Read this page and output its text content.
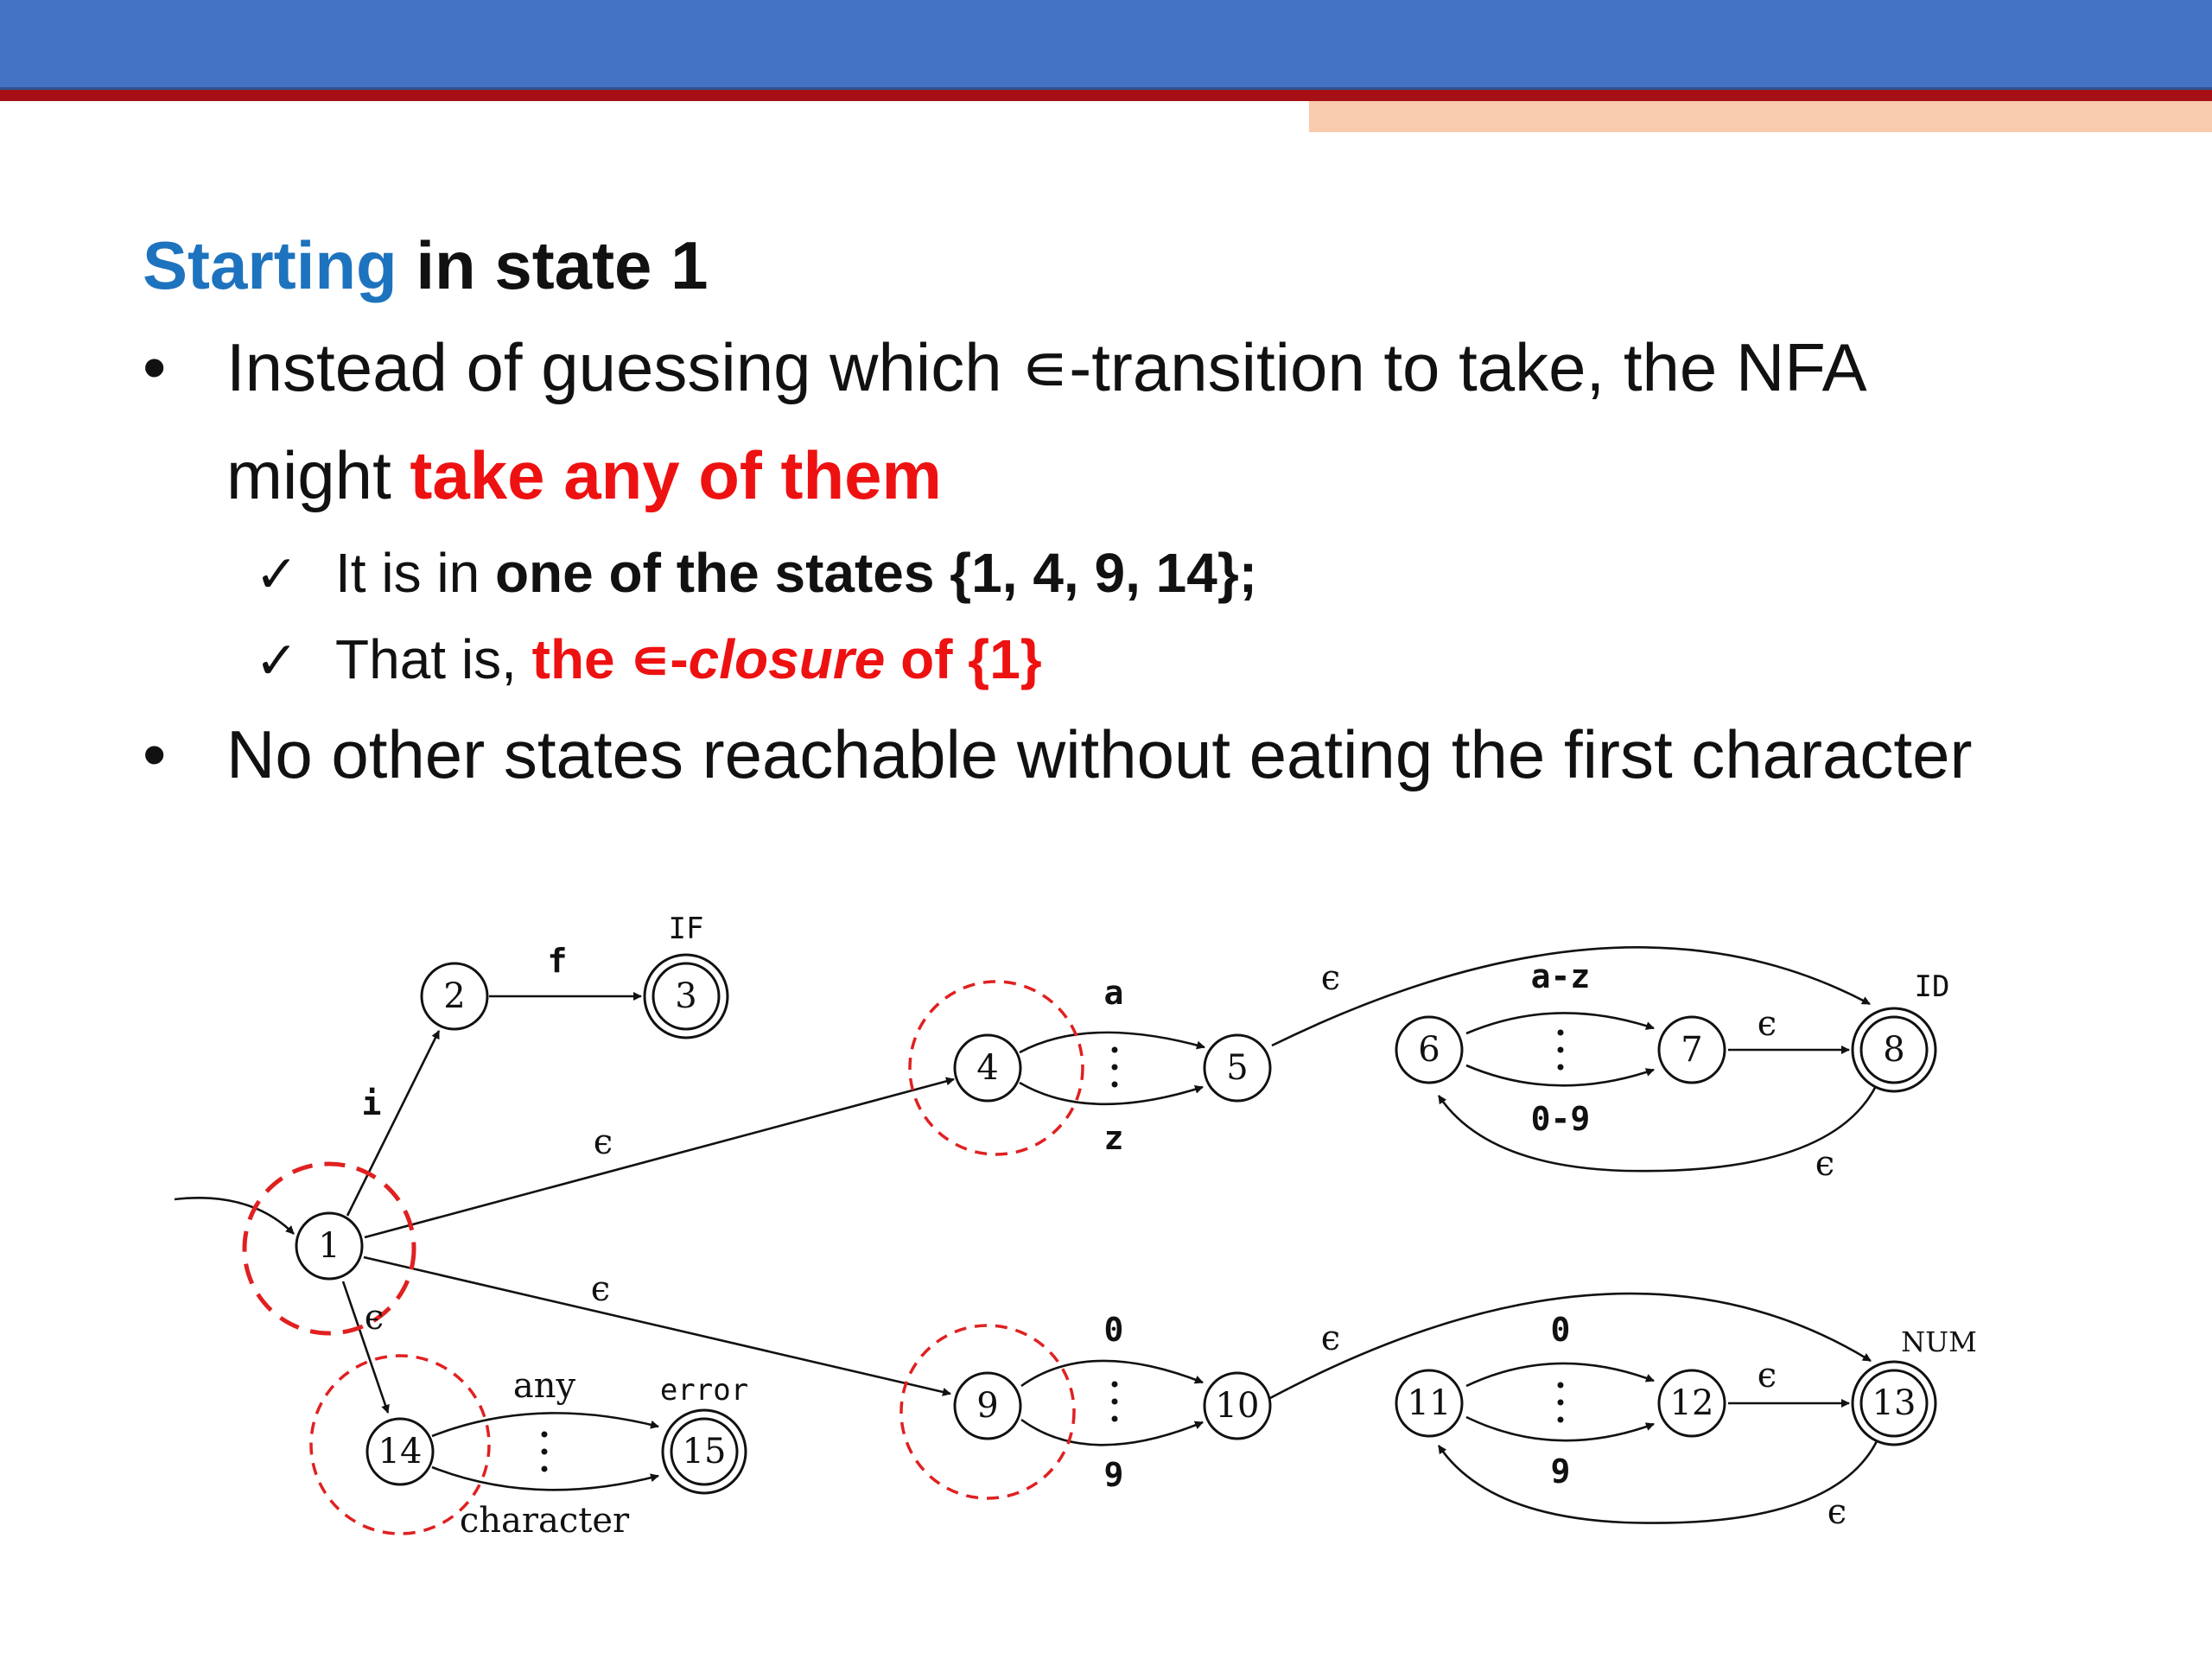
Starting in state 1
• Instead of guessing which ∊-transition to take, the NFA
might take any of them
✓ It is in one of the states {1, 4, 9, 14};
✓ That is, the ∊-closure of {1}
• No other states reachable without eating the first character
1
2	3
4	5	6	7	8
9	10	11	12	13
14	15
IF
ID
NUM
error
i
f
ϵ
ϵ
ϵ
a
z
ϵ	a-z
0-9
ϵ
ϵ
0
9
ϵ	0
9
ϵ
ϵ
any
character
